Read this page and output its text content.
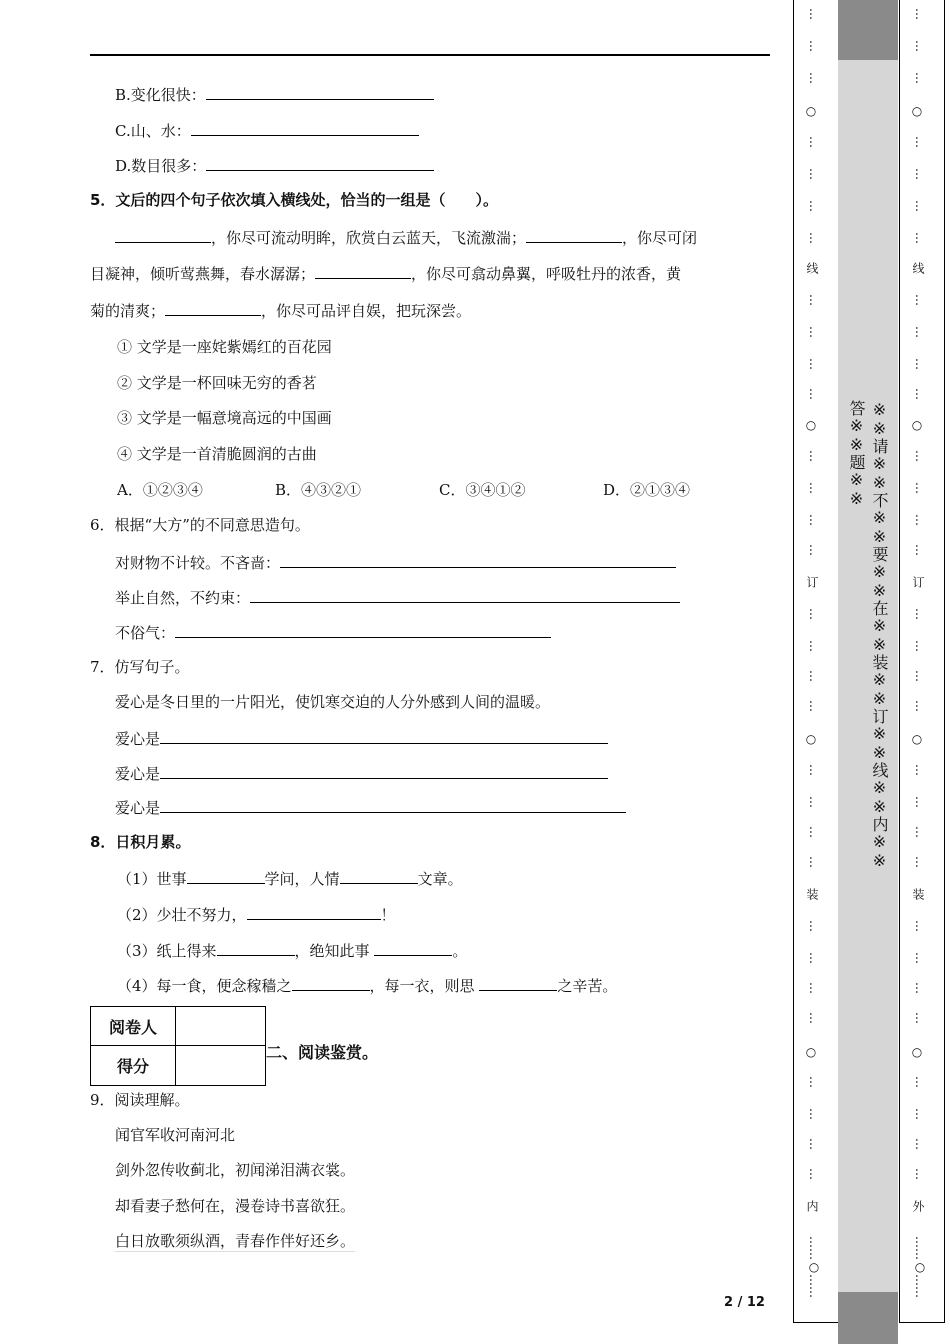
B.变化很快：
C.山、水：
D.数目很多：
5．文后的四个句子依次填入横线处，恰当的一组是（　　）。
，你尽可流动明眸，欣赏白云蓝天，飞流激湍；	，你尽可闭
目凝神，倾听莺燕舞，春水潺潺；	，你尽可翕动鼻翼，呼吸牡丹的浓香，黄
菊的清爽；	，你尽可品评自娱，把玩深尝。
① 文学是一座姹紫嫣红的百花园
② 文学是一杯回味无穷的香茗
③ 文学是一幅意境高远的中国画
④ 文学是一首清脆圆润的古曲
A．①②③④	B．④③②①	C．③④①②	D．②①③④
6．根据“大方”的不同意思造句。
对财物不计较。不吝啬：
举止自然，不约束：
不俗气：
7．仿写句子。
爱心是冬日里的一片阳光，使饥寒交迫的人分外感到人间的温暖。
爱心是
爱心是
爱心是
8．日积月累。
（1）世事	学问，人情	文章。
（2）少壮不努力，	！
（3）纸上得来	，绝知此事	。
（4）每一食，便念稼穑之	，每一衣，则思	之辛苦。
阅卷人
得分
二、阅读鉴赏。
9．阅读理解。
闻官军收河南河北
剑外忽传收蓟北，初闻涕泪满衣裳。
却看妻子愁何在，漫卷诗书喜欲狂。
白日放歌须纵酒，青春作伴好还乡。
2 / 12
※※请※※不※※要※※在※※装※※订※※线※※内※※答※※题※※
…
…
…
○
…
…
…
…
线
…
…
…
…
○
…
…
…
…
订
…
…
…
…
○
…
…
…
…
装
…
…
…
…
○
…
…
…
…
内
……○……
…
…
…
○
…
…
…
…
线
…
…
…
…
○
…
…
…
…
订
…
…
…
…
○
…
…
…
…
装
…
…
…
…
○
…
…
…
…
外
……○……
